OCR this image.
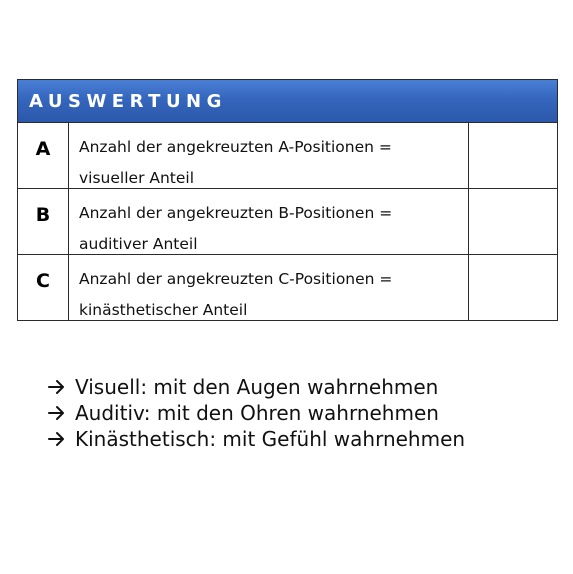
AUSWERTUNG
A	Anzahl der angekreuzten A-Positionen =
visueller Anteil
B	Anzahl der angekreuzten B-Positionen =
auditiver Anteil
C	Anzahl der angekreuzten C-Positionen =
kinästhetischer Anteil
Visuell: mit den Augen wahrnehmen
Auditiv: mit den Ohren wahrnehmen
Kinästhetisch: mit Gefühl wahrnehmen
